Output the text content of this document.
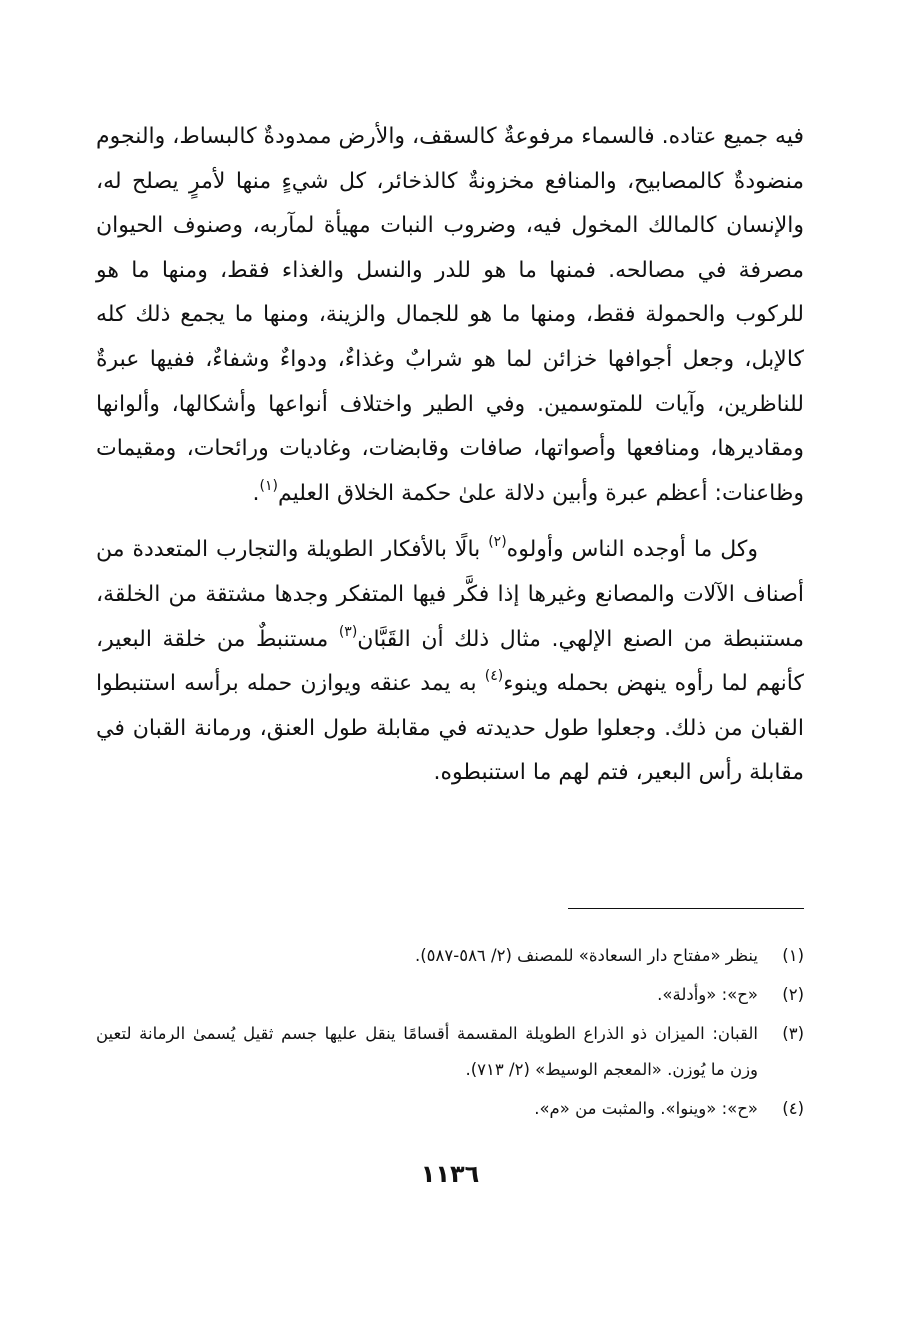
فيه جميع عتاده. فالسماء مرفوعةٌ كالسقف، والأرض ممدودةٌ كالبساط، والنجوم منضودةٌ كالمصابيح، والمنافع مخزونةٌ كالذخائر، كل شيءٍ منها لأمرٍ يصلح له، والإنسان كالمالك المخول فيه، وضروب النبات مهيأة لمآربه، وصنوف الحيوان مصرفة في مصالحه. فمنها ما هو للدر والنسل والغذاء فقط، ومنها ما هو للركوب والحمولة فقط، ومنها ما هو للجمال والزينة، ومنها ما يجمع ذلك كله كالإبل، وجعل أجوافها خزائن لما هو شرابٌ وغذاءٌ، ودواءٌ وشفاءٌ، ففيها عبرةٌ للناظرين، وآيات للمتوسمين. وفي الطير واختلاف أنواعها وأشكالها، وألوانها ومقاديرها، ومنافعها وأصواتها، صافات وقابضات، وغاديات ورائحات، ومقيمات وظاعنات: أعظم عبرة وأبين دلالة علىٰ حكمة الخلاق العليم$^{(١)}$.

وكل ما أوجده الناس وأولوه$^{(٢)}$ بالًا بالأفكار الطويلة والتجارب المتعددة من أصناف الآلات والمصانع وغيرها إذا فكَّر فيها المتفكر وجدها مشتقة من الخلقة، مستنبطة من الصنع الإلهي. مثال ذلك أن القَبَّان$^{(٣)}$ مستنبطٌ من خلقة البعير، كأنهم لما رأوه ينهض بحمله وينوء$^{(٤)}$ به يمد عنقه ويوازن حمله برأسه استنبطوا القبان من ذلك. وجعلوا طول حديدته في مقابلة طول العنق، ورمانة القبان في مقابلة رأس البعير، فتم لهم ما استنبطوه.

(١)
ينظر «مفتاح دار السعادة» للمصنف (٢/ ٥٨٦-٥٨٧).
(٢)
«ح»: «وأدلة».
(٣)
القبان: الميزان ذو الذراع الطويلة المقسمة أقسامًا ينقل عليها جسم ثقيل يُسمىٰ الرمانة لتعين وزن ما يُوزن. «المعجم الوسيط» (٢/ ٧١٣).
(٤)
«ح»: «وينوا». والمثبت من «م».
١١٣٦
